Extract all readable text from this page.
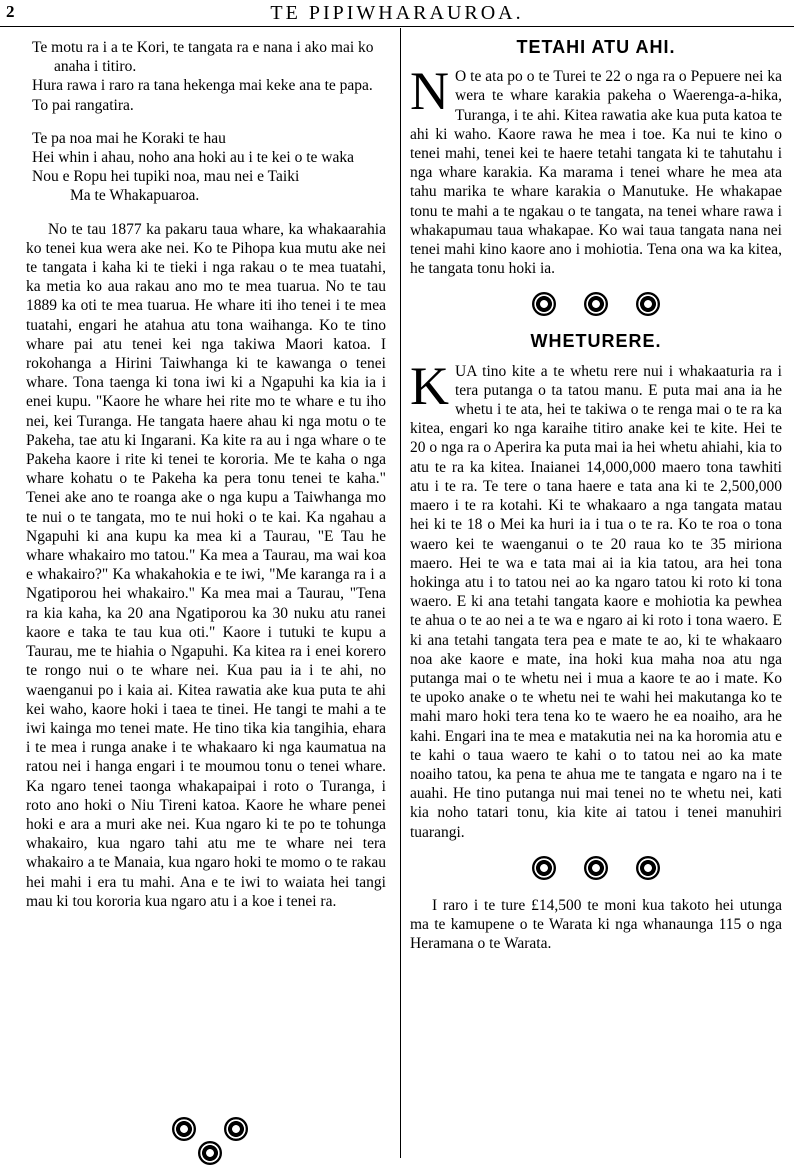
2	TE PIPIWHARAUROA.
Te motu ra i a te Kori, te tangata ra e nana i ako mai ko anaha i titiro.
Hura rawa i raro ra tana hekenga mai keke ana te papa.
To pai rangatira.
Te pa noa mai he Koraki te hau
Hei whin i ahau, noho ana hoki au i te kei o te waka
Nou e Ropu hei tupiki noa, mau nei e Taiki
Ma te Whakapuaroa.

No te tau 1877 ka pakaru taua whare, ka whakaarahia ko tenei kua wera ake nei. Ko te Pihopa kua mutu ake nei te tangata i kaha ki te tieki i nga rakau o te mea tuatahi, ka metia ko aua rakau ano mo te mea tuarua. No te tau 1889 ka oti te mea tuarua. He whare iti iho tenei i te mea tuatahi, engari he atahua atu tona waihanga. Ko te tino whare pai atu tenei kei nga takiwa Maori katoa. I rokohanga a Hirini Taiwhanga ki te kawanga o tenei whare. Tona taenga ki tona iwi ki a Ngapuhi ka kia ia i enei kupu. "Kaore he whare hei rite mo te whare e tu iho nei, kei Turanga. He tangata haere ahau ki nga motu o te Pakeha, tae atu ki Ingarani. Ka kite ra au i nga whare o te Pakeha kaore i rite ki tenei te kororia. Me te kaha o nga whare kohatu o te Pakeha ka pera tonu tenei te kaha." Tenei ake ano te roanga ake o nga kupu a Taiwhanga mo te nui o te tangata, mo te nui hoki o te kai. Ka ngahau a Ngapuhi ki ana kupu ka mea ki a Taurau, "E Tau he whare whakairo mo tatou." Ka mea a Taurau, ma wai koa e whakairo?" Ka whakahokia e te iwi, "Me karanga ra i a Ngatiporou hei whakairo." Ka mea mai a Taurau, "Tena ra kia kaha, ka 20 ana Ngatiporou ka 30 nuku atu ranei kaore e taka te tau kua oti." Kaore i tutuki te kupu a Taurau, me te hiahia o Ngapuhi. Ka kitea ra i enei korero te rongo nui o te whare nei. Kua pau ia i te ahi, no waenganui po i kaia ai. Kitea rawatia ake kua puta te ahi kei waho, kaore hoki i taea te tinei. He tangi te mahi a te iwi kainga mo tenei mate. He tino tika kia tangihia, ehara i te mea i runga anake i te whakaaro ki nga kaumatua na ratou nei i hanga engari i te moumou tonu o tenei whare. Ka ngaro tenei taonga whakapaipai i roto o Turanga, i roto ano hoki o Niu Tireni katoa. Kaore he whare penei hoki e ara a muri ake nei. Kua ngaro ki te po te tohunga whakairo, kua ngaro tahi atu me te whare nei tera whakairo a te Manaia, kua ngaro hoki te momo o te rakau hei mahi i era tu mahi. Ana e te iwi to waiata hei tangi mau ki tou kororia kua ngaro atu i a koe i tenei ra.

TETAHI ATU AHI.

N O te ata po o te Turei te 22 o nga ra o Pepuere nei ka wera te whare karakia pakeha o Waerenga-a-hika, Turanga, i te ahi. Kitea rawatia ake kua puta katoa te ahi ki waho. Kaore rawa he mea i toe. Ka nui te kino o tenei mahi, tenei kei te haere tetahi tangata ki te tahutahu i nga whare karakia. Ka marama i tenei whare he mea ata tahu marika te whare karakia o Manutuke. He whakapae tonu te mahi a te ngakau o te tangata, na tenei whare rawa i whakapumau taua whakapae. Ko wai taua tangata nana nei tenei mahi kino kaore ano i mohiotia. Tena ona wa ka kitea, he tangata tonu hoki ia.

WHETURERE.

KUA tino kite a te whetu rere nui i whakaaturia ra i tera putanga o ta tatou manu. E puta mai ana ia he whetu i te ata, hei te takiwa o te renga mai o te ra ka kitea, engari ko nga karaihe titiro anake kei te kite. Hei te 20 o nga ra o Aperira ka puta mai ia hei whetu ahiahi, kia to atu te ra ka kitea. Inaianei 14,000,000 maero tona tawhiti atu i te ra. Te tere o tana haere e tata ana ki te 2,500,000 maero i te ra kotahi. Ki te whakaaro a nga tangata matau hei ki te 18 o Mei ka huri ia i tua o te ra. Ko te roa o tona waero kei te waenganui o te 20 raua ko te 35 miriona maero. Hei te wa e tata mai ai ia kia tatou, ara hei tona hokinga atu i to tatou nei ao ka ngaro tatou ki roto ki tona waero. E ki ana tetahi tangata kaore e mohiotia ka pewhea te ahua o te ao nei a te wa e ngaro ai ki roto i tona waero. E ki ana tetahi tangata tera pea e mate te ao, ki te whakaaro noa ake kaore e mate, ina hoki kua maha noa atu nga putanga mai o te whetu nei i mua a kaore te ao i mate. Ko te upoko anake o te whetu nei te wahi hei makutanga ko te mahi maro hoki tera tena ko te waero he ea noaiho, ara he kahi. Engari ina te mea e matakutia nei na ka horomia atu e te kahi o taua waero te kahi o to tatou nei ao ka mate noaiho tatou, ka pena te ahua me te tangata e ngaro na i te auahi. He tino putanga nui mai tenei no te whetu nei, kati kia noho tatari tonu, kia kite ai tatou i tenei manuhiri tuarangi.

I raro i te ture £14,500 te moni kua takoto hei utunga ma te kamupene o te Warata ki nga whanaunga 115 o nga Heramana o te Warata.
